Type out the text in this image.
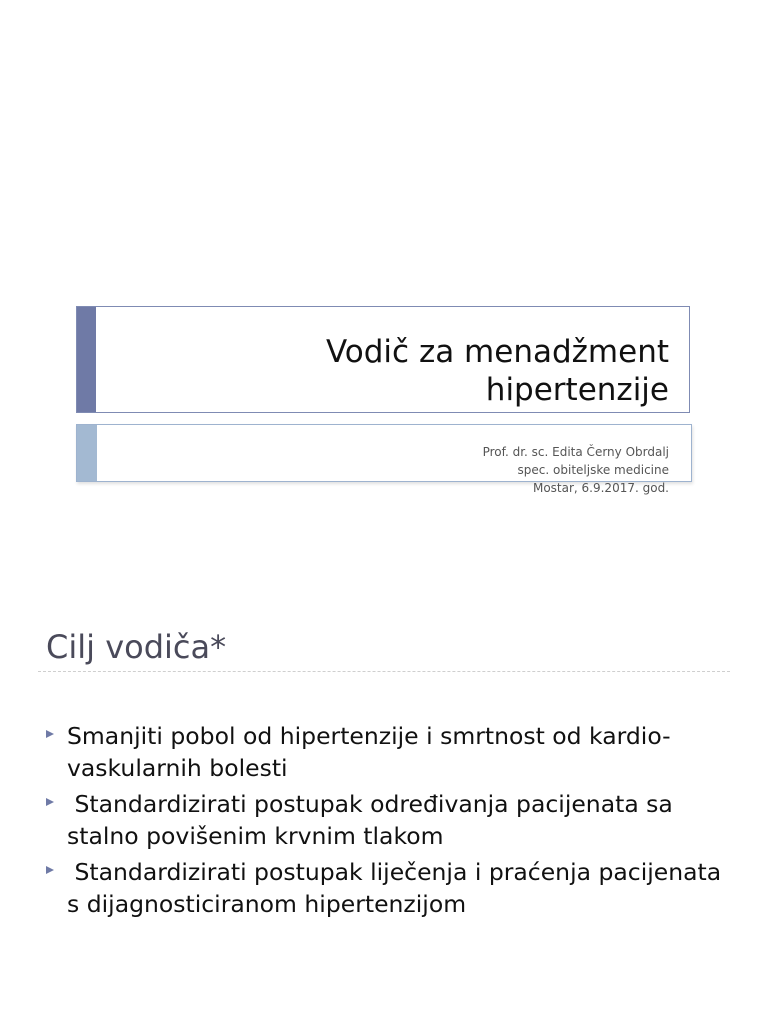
Vodič za menadžment
hipertenzije
Prof. dr. sc. Edita Černy Obrdalj
spec. obiteljske medicine
Mostar, 6.9.2017. god.
Cilj vodiča*
Smanjiti pobol od hipertenzije i smrtnost od kardio-vaskularnih bolesti
Standardizirati postupak određivanja pacijenata sa stalno povišenim krvnim tlakom
Standardizirati postupak liječenja i praćenja pacijenata s dijagnosticiranom hipertenzijom
